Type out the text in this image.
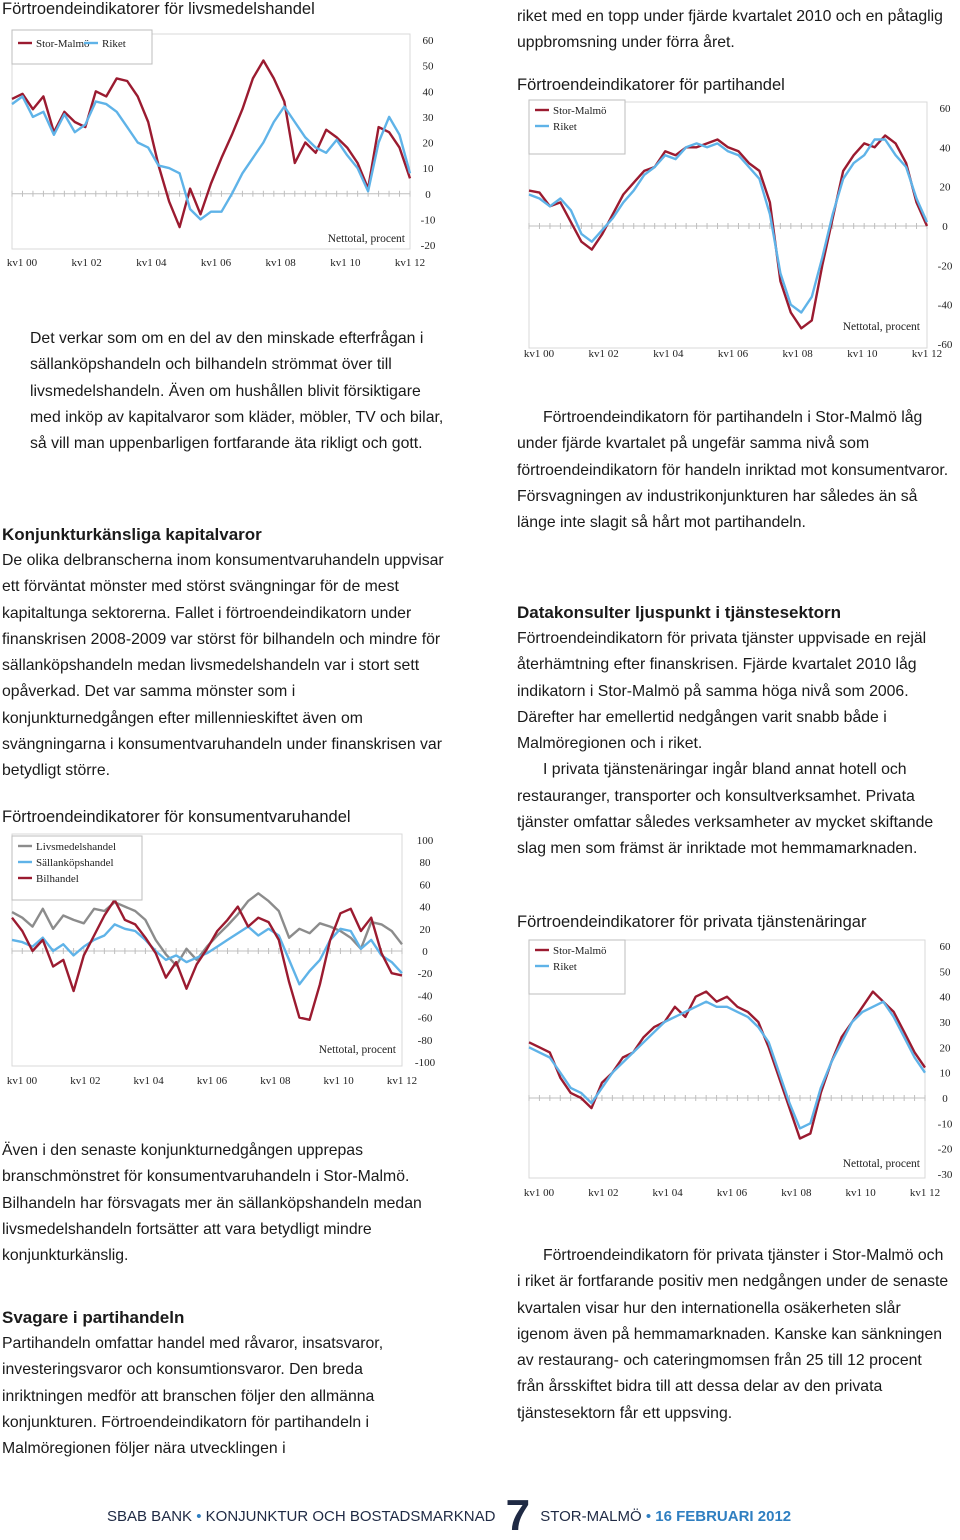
Förtroendeindikatorer för livsmedelshandel
Förtroendeindikatorer för konsumentvaruhandel
Förtroendeindikatorer för partihandel
Förtroendeindikatorer för privata tjänstenäringar
60
50
40
30
20
10
0
-10
-20
kv1 00	kv1 02	kv1 04	kv1 06	kv1 08	kv1 10	kv1 12
Nettotal, procent
Stor-Malmö Riket
100
80
60
40
20
0
-20
-40
-60
-80
-100
kv1 00	kv1 02	kv1 04	kv1 06	kv1 08	kv1 10	kv1 12
Nettotal, procent
Livsmedelshandel
Sällanköpshandel
Bilhandel
60
40
20
0
-20
-40
-60
kv1 00	kv1 02	kv1 04	kv1 06	kv1 08	kv1 10	kv1 12
Nettotal, procent
Stor-Malmö
Riket
60
50
40
30
20
10
0
-10
-20
-30
kv1 00	kv1 02	kv1 04	kv1 06	kv1 08	kv1 10	kv1 12
Nettotal, procent
Stor-Malmö
Riket

Det verkar som om en del av den minskade efterfrågan i sällanköpshandeln och bilhandeln strömmat över till livsmedelshandeln. Även om hushållen blivit försiktigare med inköp av kapitalvaror som kläder, möbler, TV och bilar, så vill man uppenbarligen fortfarande äta rikligt och gott.

Konjunkturkänsliga kapitalvaror

De olika delbranscherna inom konsumentvaruhandeln uppvisar ett förväntat mönster med störst svängningar för de mest kapitaltunga sektorerna. Fallet i förtroendeindikatorn under finanskrisen 2008-2009 var störst för bilhandeln och mindre för sällanköpshandeln medan livsmedelshandeln var i stort sett opåverkad. Det var samma mönster som i konjunkturnedgången efter millennieskiftet även om svängningarna i konsumentvaruhandeln under finanskrisen var betydligt större.

Även i den senaste konjunkturnedgången upprepas branschmönstret för konsumentvaruhandeln i Stor-Malmö. Bilhandeln har försvagats mer än sällanköpshandeln medan livsmedelshandeln fortsätter att vara betydligt mindre konjunkturkänslig.

Svagare i partihandeln

Partihandeln omfattar handel med råvaror, insatsvaror, investeringsvaror och konsumtionsvaror. Den breda inriktningen medför att branschen följer den allmänna konjunkturen. Förtroendeindikatorn för partihandeln i Malmöregionen följer nära utvecklingen i

riket med en topp under fjärde kvartalet 2010 och en påtaglig uppbromsning under förra året.

Förtroendeindikatorn för partihandeln i Stor-Malmö låg under fjärde kvartalet på ungefär samma nivå som förtroendeindikatorn för handeln inriktad mot konsumentvaror. Försvagningen av industrikonjunkturen har således än så länge inte slagit så hårt mot partihandeln.

Datakonsulter ljuspunkt i tjänstesektorn

Förtroendeindikatorn för privata tjänster uppvisade en rejäl återhämtning efter finanskrisen. Fjärde kvartalet 2010 låg indikatorn i Stor-Malmö på samma höga nivå som 2006. Därefter har emellertid nedgången varit snabb både i Malmöregionen och i riket.

I privata tjänstenäringar ingår bland annat hotell och restauranger, transporter och konsultverksamhet. Privata tjänster omfattar således verksamheter av mycket skiftande slag men som främst är inriktade mot hemmamarknaden.

Förtroendeindikatorn för privata tjänster i Stor-Malmö och i riket är fortfarande positiv men nedgången under de senaste kvartalen visar hur den internationella osäkerheten slår igenom även på hemmamarknaden. Kanske kan sänkningen av restaurang- och cateringmomsen från 25 till 12 procent från årsskiftet bidra till att dessa delar av den privata tjänstesektorn får ett uppsving.

SBAB BANK • KONJUNKTUR OCH BOSTADSMARKNAD 7 STOR-MALMÖ • 16 FEBRUARI 2012
